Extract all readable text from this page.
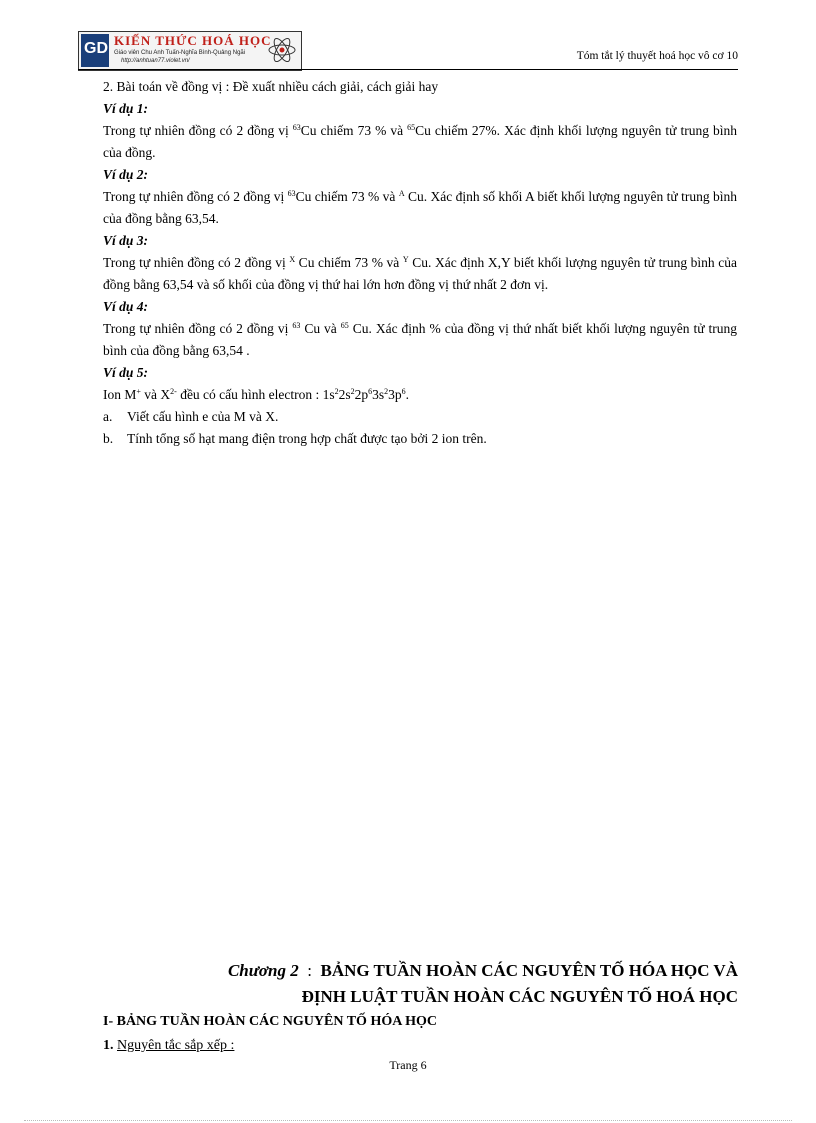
GD KIẾN THỨC HOÁ HỌC
Giáo viên Chu Anh Tuấn-Nghĩa Bình-Quảng Ngãi
http://anhtuan77.violet.vn/	Tóm tắt lý thuyết hoá học vô cơ 10

2. Bài toán về đồng vị : Đề xuất nhiều cách giải, cách giải hay

Ví dụ 1:

Trong tự nhiên đồng có 2 đồng vị $^{63}$Cu chiếm 73 % và $^{65}$Cu chiếm 27%. Xác định khối lượng nguyên tử trung bình của đồng.

Ví dụ 2:

Trong tự nhiên đồng có 2 đồng vị $^{63}$Cu chiếm 73 % và $^A$ Cu. Xác định số khối A biết khối lượng nguyên tử trung bình của đồng bằng 63,54.

Ví dụ 3:

Trong tự nhiên đồng có 2 đồng vị $^X$ Cu chiếm 73 % và $^Y$ Cu. Xác định X,Y biết khối lượng nguyên tử trung bình của đồng bằng 63,54 và số khối của đồng vị thứ hai lớn hơn đồng vị thứ nhất 2 đơn vị.

Ví dụ 4:

Trong tự nhiên đồng có 2 đồng vị $^{63}$ Cu và $^{65}$ Cu. Xác định % của đồng vị thứ nhất biết khối lượng nguyên tử trung bình của đồng bằng 63,54 .

Ví dụ 5:

Ion M+ và $X^{2-}$ đều có cấu hình electron : $1s^22s^22p^63s^23p^6$.

a. Viết cấu hình e của M và X.

b. Tính tổng số hạt mang điện trong hợp chất được tạo bởi 2 ion trên.

Chương 2  :  BẢNG TUẦN HOÀN CÁC NGUYÊN TỐ HÓA HỌC VÀ
ĐỊNH LUẬT TUẦN HOÀN CÁC NGUYÊN TỐ HOÁ HỌC
I- BẢNG TUẦN HOÀN CÁC NGUYÊN TỐ HÓA HỌC
1. Nguyên tắc sắp xếp :
Trang 6
